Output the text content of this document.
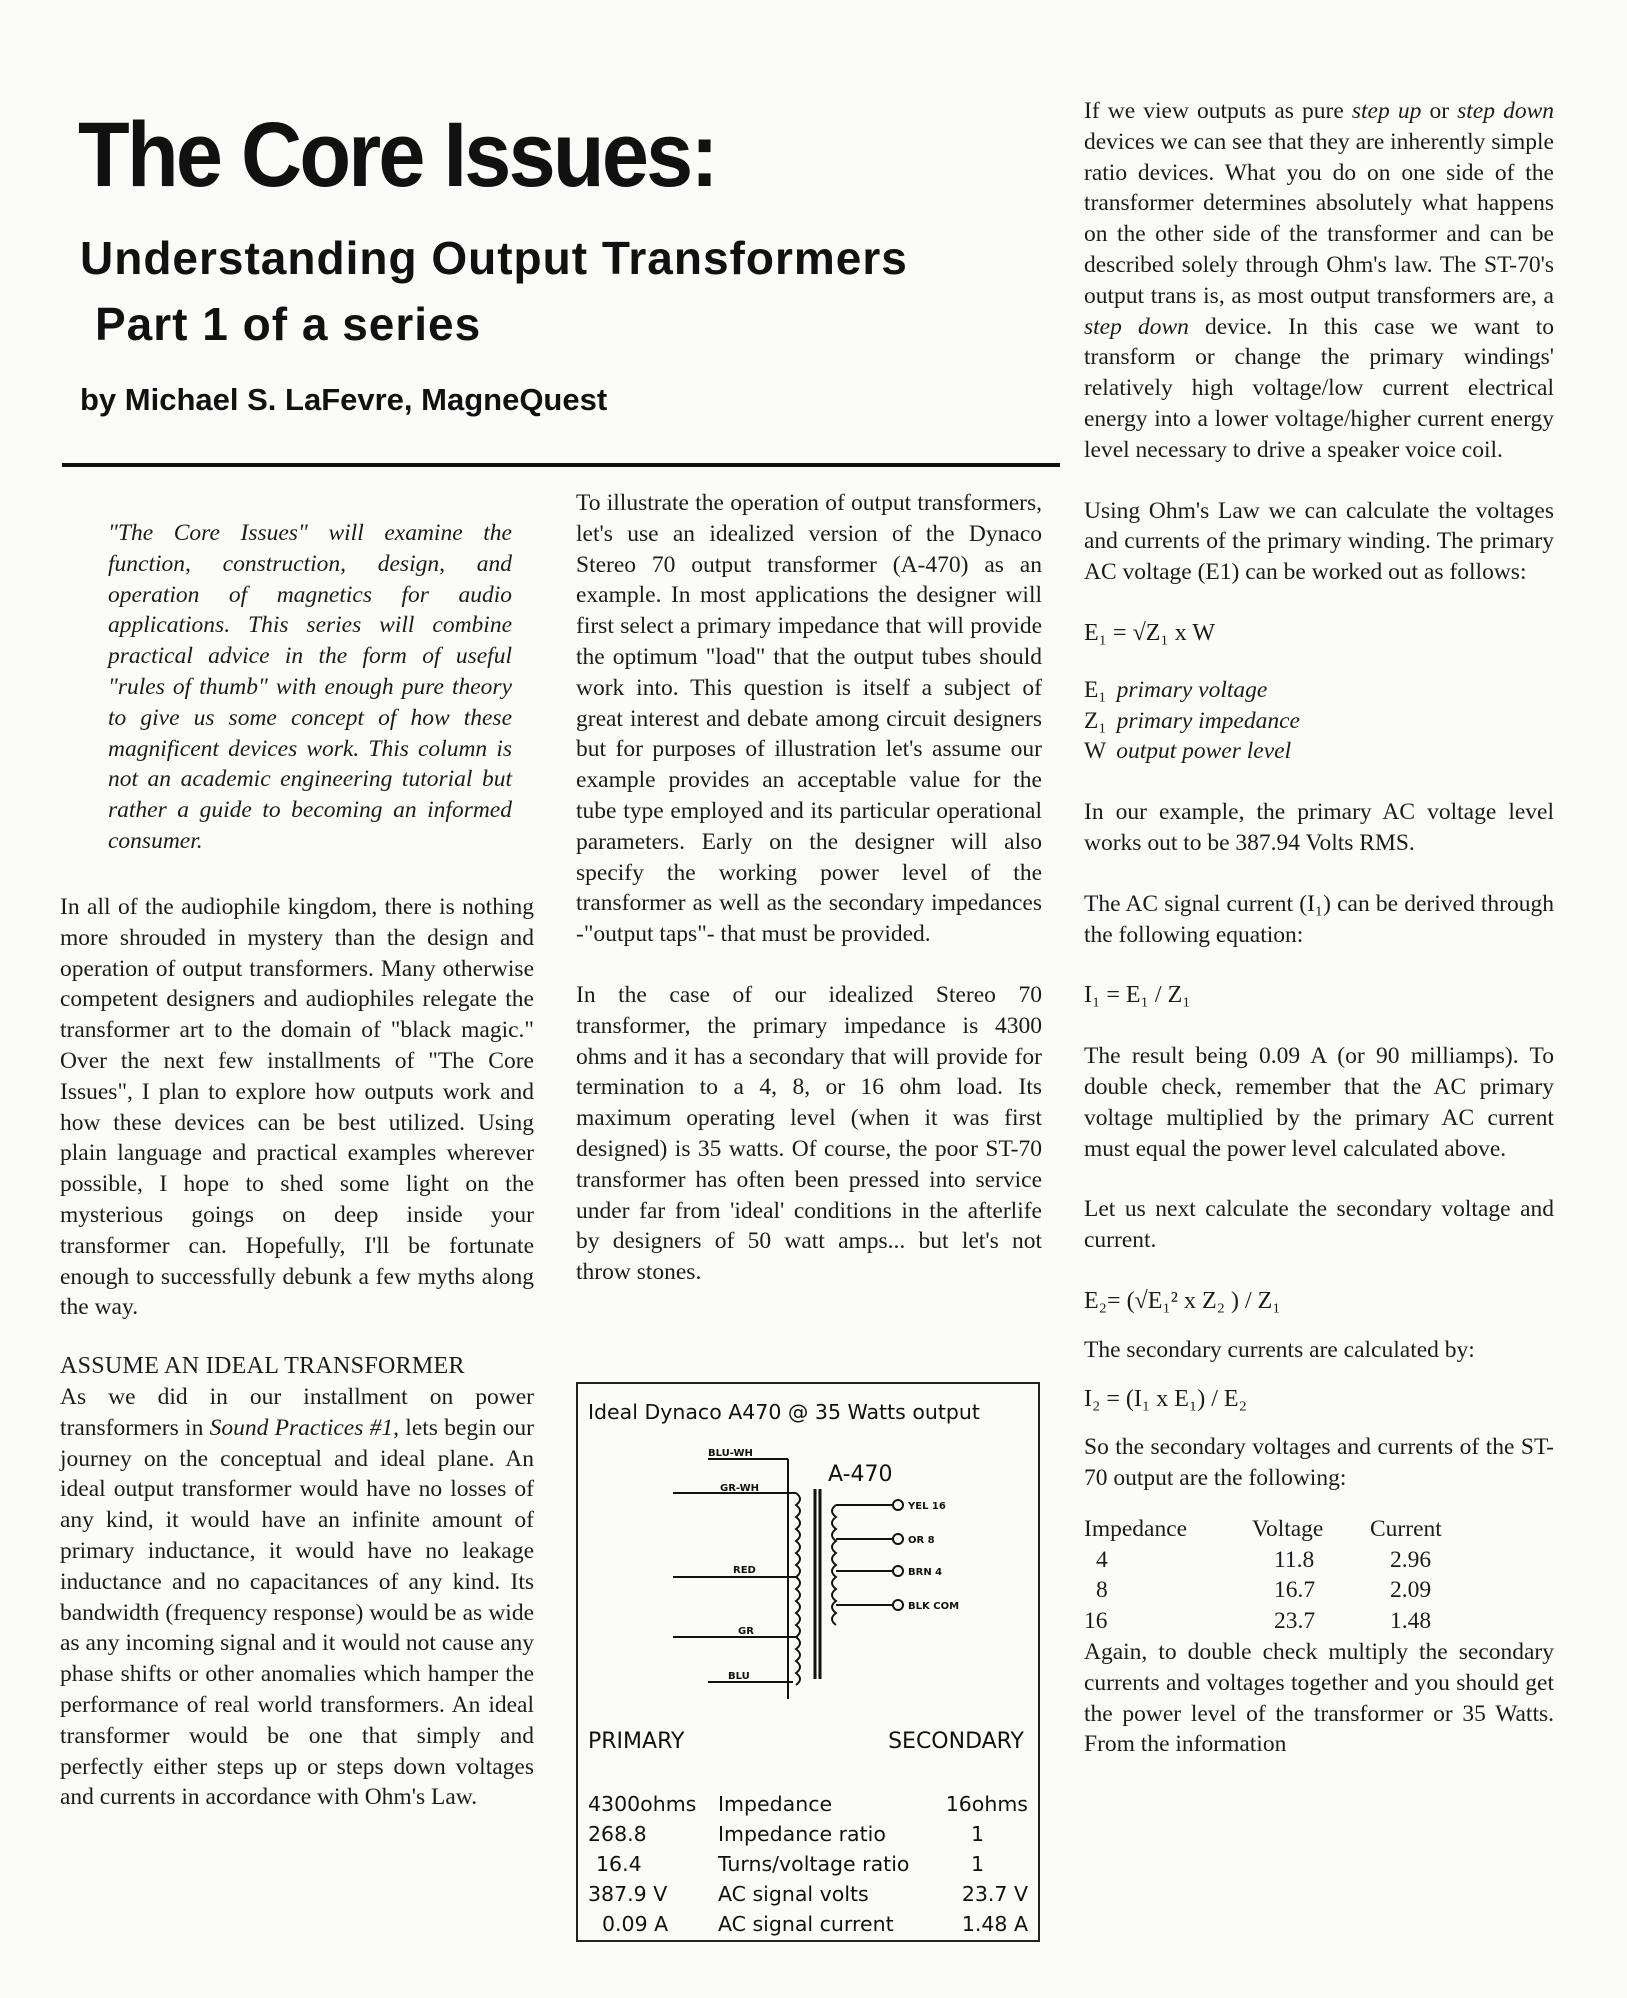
The Core Issues:
Understanding Output Transformers
Part 1 of a series
by Michael S. LaFevre, MagneQuest
"The Core Issues" will examine the function, construction, design, and operation of magnetics for audio applications. This series will combine practical advice in the form of useful "rules of thumb" with enough pure theory to give us some concept of how these magnificent devices work. This column is not an academic engineering tutorial but rather a guide to becoming an informed consumer.

In all of the audiophile kingdom, there is nothing more shrouded in mystery than the design and operation of output transformers. Many otherwise competent designers and audiophiles relegate the transformer art to the domain of "black magic." Over the next few installments of "The Core Issues", I plan to explore how outputs work and how these devices can be best utilized. Using plain language and practical examples wherever possible, I hope to shed some light on the mysterious goings on deep inside your transformer can. Hopefully, I'll be fortunate enough to successfully debunk a few myths along the way.

ASSUME AN IDEAL TRANSFORMER

As we did in our installment on power transformers in Sound Practices #1, lets begin our journey on the conceptual and ideal plane. An ideal output transformer would have no losses of any kind, it would have an infinite amount of primary inductance, it would have no leakage inductance and no capacitances of any kind. Its bandwidth (frequency response) would be as wide as any incoming signal and it would not cause any phase shifts or other anomalies which hamper the performance of real world transformers. An ideal transformer would be one that simply and perfectly either steps up or steps down voltages and currents in accordance with Ohm's Law.

To illustrate the operation of output transformers, let's use an idealized version of the Dynaco Stereo 70 output transformer (A-470) as an example. In most applications the designer will first select a primary impedance that will provide the optimum "load" that the output tubes should work into. This question is itself a subject of great interest and debate among circuit designers but for purposes of illustration let's assume our example provides an acceptable value for the tube type employed and its particular operational parameters. Early on the designer will also specify the working power level of the transformer as well as the secondary impedances -"output taps"- that must be provided.

In the case of our idealized Stereo 70 transformer, the primary impedance is 4300 ohms and it has a secondary that will provide for termination to a 4, 8, or 16 ohm load. Its maximum operating level (when it was first designed) is 35 watts. Of course, the poor ST-70 transformer has often been pressed into service under far from 'ideal' conditions in the afterlife by designers of 50 watt amps... but let's not throw stones.

Ideal Dynaco A470 @ 35 Watts output
BLU-WH
GR-WH
RED
GR
BLU
YEL 16
OR 8
BRN 4
BLK COM
A-470
PRIMARY	SECONDARY
4300ohms Impedance	16ohms
268.8	Impedance ratio	1
16.4	Turns/voltage ratio	1
387.9 V AC signal volts	23.7 V
0.09 A AC signal current	1.48 A

If we view outputs as pure step up or step down devices we can see that they are inherently simple ratio devices. What you do on one side of the transformer determines absolutely what happens on the other side of the transformer and can be described solely through Ohm's law. The ST-70's output trans is, as most output transformers are, a step down device. In this case we want to transform or change the primary windings' relatively high voltage/low current electrical energy into a lower voltage/higher current energy level necessary to drive a speaker voice coil.

Using Ohm's Law we can calculate the voltages and currents of the primary winding. The primary AC voltage (E1) can be worked out as follows:

E₁ = √Z₁ x W

E₁ primary voltage
Z₁ primary impedance
W output power level

In our example, the primary AC voltage level works out to be 387.94 Volts RMS.

The AC signal current (I₁) can be derived through the following equation:

I₁ = E₁ / Z₁

The result being 0.09 A (or 90 milliamps). To double check, remember that the AC primary voltage multiplied by the primary AC current must equal the power level calculated above.

Let us next calculate the secondary voltage and current.

E₂= (√E₁² x Z₂ ) / Z₁

The secondary currents are calculated by:

I₂ = (I₁ x E₁) / E₂

So the secondary voltages and currents of the ST-70 output are the following:

Impedance	Voltage	Current
4	11.8	2.96
8	16.7	2.09
16	23.7	1.48

Again, to double check multiply the secondary currents and voltages together and you should get the power level of the transformer or 35 Watts. From the information
